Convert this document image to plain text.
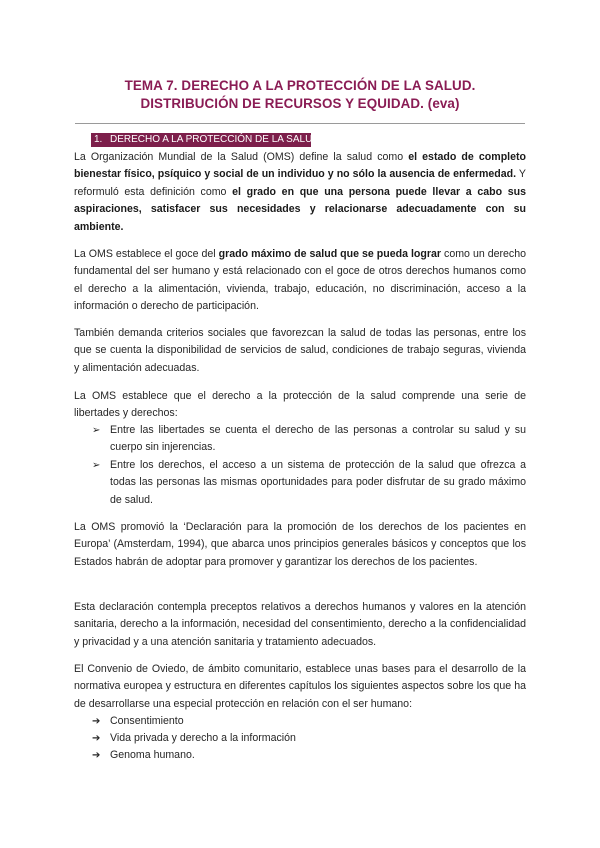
TEMA 7. DERECHO A LA PROTECCIÓN DE LA SALUD.
DISTRIBUCIÓN DE RECURSOS Y EQUIDAD. (eva)
1. DERECHO A LA PROTECCIÓN DE LA SALUD
La Organización Mundial de la Salud (OMS) define la salud como el estado de completo bienestar físico, psíquico y social de un individuo y no sólo la ausencia de enfermedad. Y reformuló esta definición como el grado en que una persona puede llevar a cabo sus aspiraciones, satisfacer sus necesidades y relacionarse adecuadamente con su ambiente.
La OMS establece el goce del grado máximo de salud que se pueda lograr como un derecho fundamental del ser humano y está relacionado con el goce de otros derechos humanos como el derecho a la alimentación, vivienda, trabajo, educación, no discriminación, acceso a la información o derecho de participación.
También demanda criterios sociales que favorezcan la salud de todas las personas, entre los que se cuenta la disponibilidad de servicios de salud, condiciones de trabajo seguras, vivienda y alimentación adecuadas.
La OMS establece que el derecho a la protección de la salud comprende una serie de libertades y derechos:
➢ Entre las libertades se cuenta el derecho de las personas a controlar su salud y su cuerpo sin injerencias.
➢ Entre los derechos, el acceso a un sistema de protección de la salud que ofrezca a todas las personas las mismas oportunidades para poder disfrutar de su grado máximo de salud.
La OMS promovió la ‘Declaración para la promoción de los derechos de los pacientes en Europa’ (Amsterdam, 1994), que abarca unos principios generales básicos y conceptos que los Estados habrán de adoptar para promover y garantizar los derechos de los pacientes.
Esta declaración contempla preceptos relativos a derechos humanos y valores en la atención sanitaria, derecho a la información, necesidad del consentimiento, derecho a la confidencialidad y privacidad y a una atención sanitaria y tratamiento adecuados.
El Convenio de Oviedo, de ámbito comunitario, establece unas bases para el desarrollo de la normativa europea y estructura en diferentes capítulos los siguientes aspectos sobre los que ha de desarrollarse una especial protección en relación con el ser humano:
➔ Consentimiento
➔ Vida privada y derecho a la información
➔ Genoma humano.
